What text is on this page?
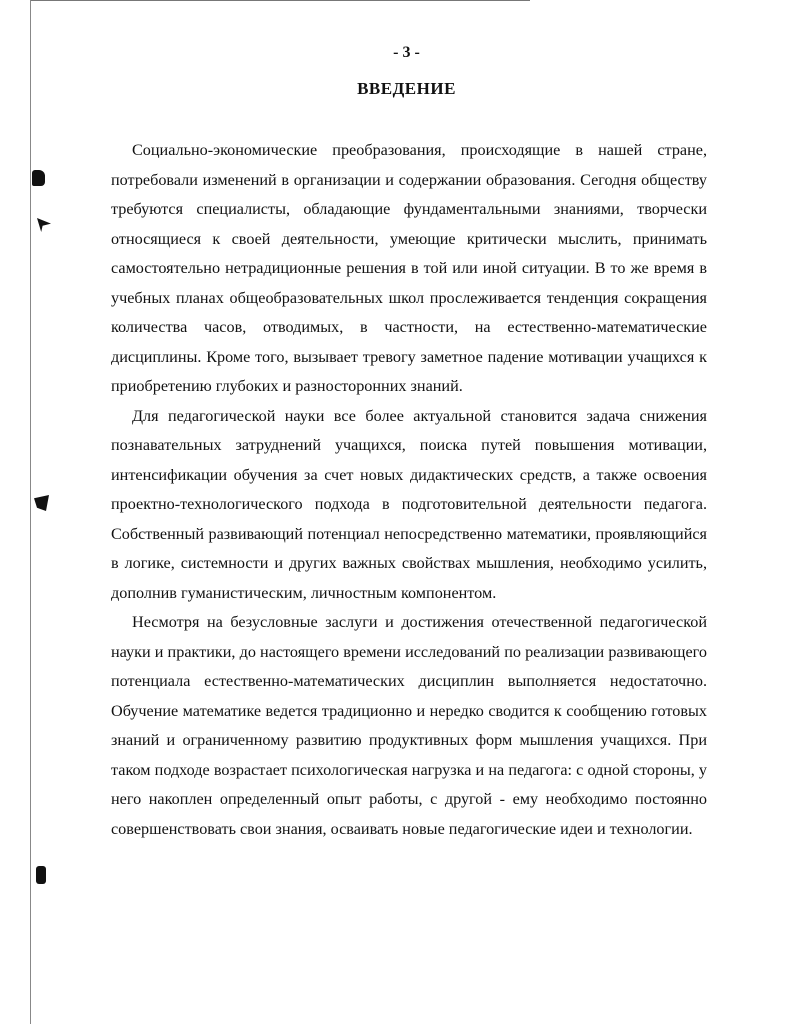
- 3 -
ВВЕДЕНИЕ

Социально-экономические преобразования, происходящие в нашей стране, потребовали изменений в организации и содержании образования. Сегодня обществу требуются специалисты, обладающие фундаментальными знаниями, творчески относящиеся к своей деятельности, умеющие критически мыслить, принимать самостоятельно нетрадиционные решения в той или иной ситуации. В то же время в учебных планах общеобразовательных школ прослеживается тенденция сокращения количества часов, отводимых, в частности, на естественно-математические дисциплины. Кроме того, вызывает тревогу заметное падение мотивации учащихся к приобретению глубоких и разносторонних знаний.

Для педагогической науки все более актуальной становится задача снижения познавательных затруднений учащихся, поиска путей повышения мотивации, интенсификации обучения за счет новых дидактических средств, а также освоения проектно-технологического подхода в подготовительной деятельности педагога. Собственный развивающий потенциал непосредственно математики, проявляющийся в логике, системности и других важных свойствах мышления, необходимо усилить, дополнив гуманистическим, личностным компонентом.

Несмотря на безусловные заслуги и достижения отечественной педагогической науки и практики, до настоящего времени исследований по реализации развивающего потенциала естественно-математических дисциплин выполняется недостаточно. Обучение математике ведется традиционно и нередко сводится к сообщению готовых знаний и ограниченному развитию продуктивных форм мышления учащихся. При таком подходе возрастает психологическая нагрузка и на педагога: с одной стороны, у него накоплен определенный опыт работы, с другой - ему необходимо постоянно совершенствовать свои знания, осваивать новые педагогические идеи и технологии.
